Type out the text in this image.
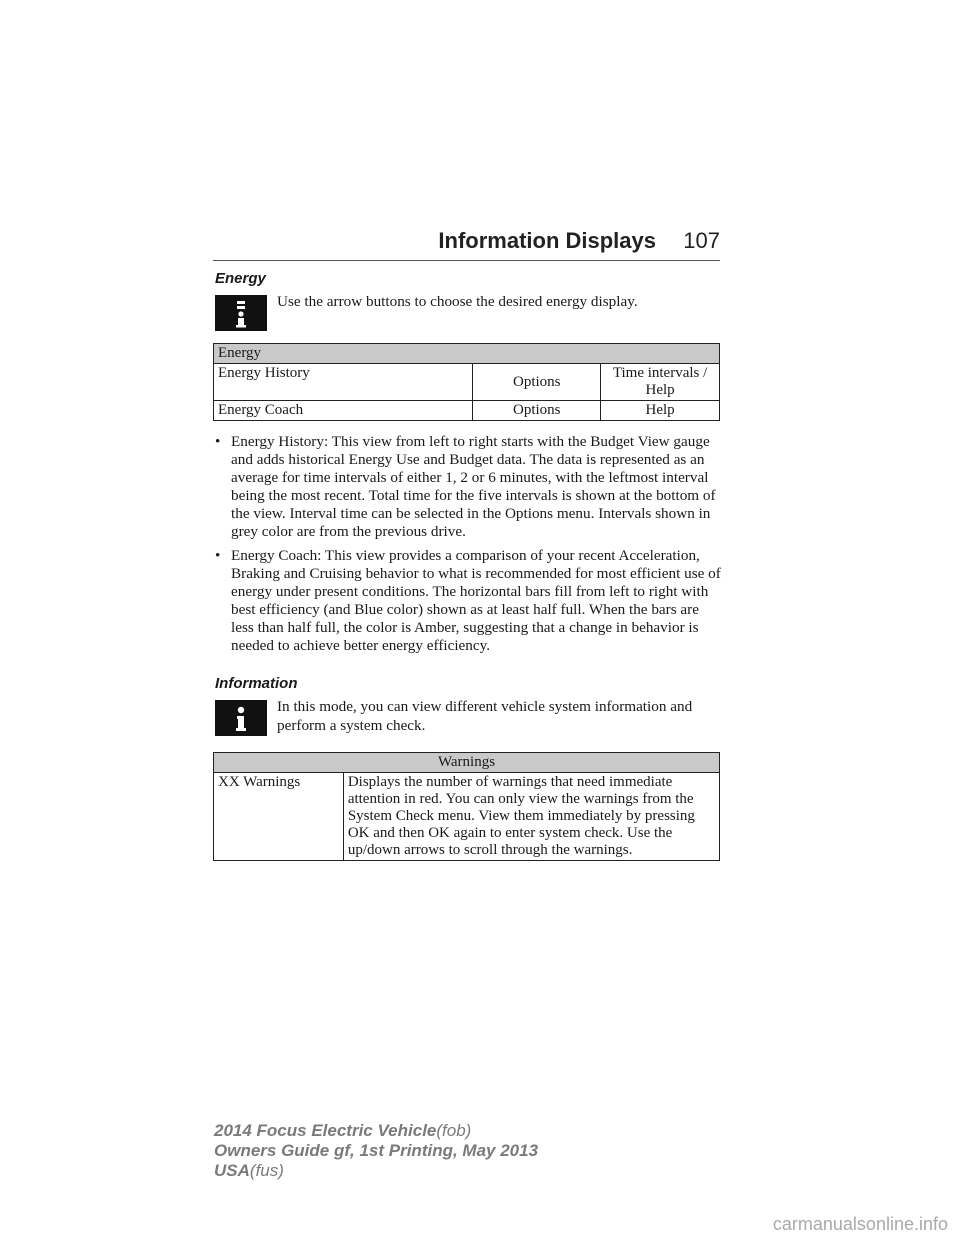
Information Displays 107
Energy
Use the arrow buttons to choose the desired energy display.
Energy		
Energy History	Options	Time intervals /
Help

Energy Coach	Options	Help
• Energy History: This view from left to right starts with the Budget View gauge and adds historical Energy Use and Budget data. The data is represented as an average for time intervals of either 1, 2 or 6 minutes, with the leftmost interval being the most recent. Total time for the five intervals is shown at the bottom of the view. Interval time can be selected in the Options menu. Intervals shown in grey color are from the previous drive.
• Energy Coach: This view provides a comparison of your recent Acceleration, Braking and Cruising behavior to what is recommended for most efficient use of energy under present conditions. The horizontal bars fill from left to right with best efficiency (and Blue color) shown as at least half full. When the bars are less than half full, the color is Amber, suggesting that a change in behavior is needed to achieve better energy efficiency.
Information
In this mode, you can view different vehicle system information and perform a system check.
Warnings
XX Warnings	Displays the number of warnings that need immediate attention in red. You can only view the warnings from the System Check menu. View them immediately by pressing OK and then OK again to enter system check. Use the up/down arrows to scroll through the warnings.
2014 Focus Electric Vehicle(fob)
Owners Guide gf, 1st Printing, May 2013
USA(fus)
carmanualsonline.info
